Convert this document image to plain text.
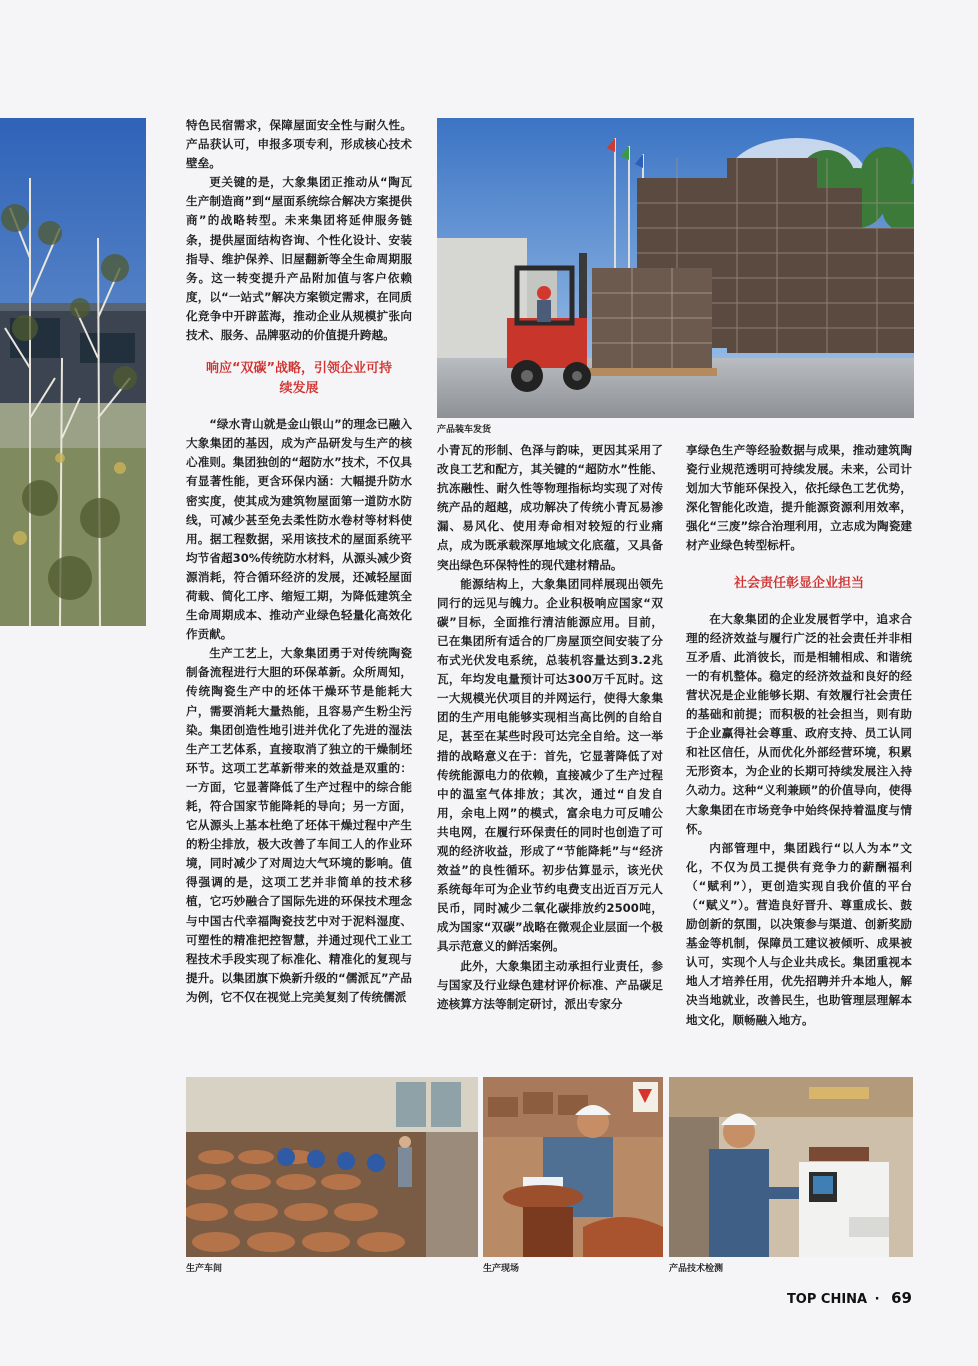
特色民宿需求，保障屋面安全性与耐久性。产品获认可，申报多项专利，形成核心技术壁垒。

更关键的是，大象集团正推动从“陶瓦生产制造商”到“屋面系统综合解决方案提供商”的战略转型。未来集团将延伸服务链条，提供屋面结构咨询、个性化设计、安装指导、维护保养、旧屋翻新等全生命周期服务。这一转变提升产品附加值与客户依赖度，以“一站式”解决方案锁定需求，在同质化竞争中开辟蓝海，推动企业从规模扩张向技术、服务、品牌驱动的价值提升跨越。

响应“双碳”战略，引领企业可持续发展

“绿水青山就是金山银山”的理念已融入大象集团的基因，成为产品研发与生产的核心准则。集团独创的“超防水”技术，不仅具有显著性能，更含环保内涵：大幅提升防水密实度，使其成为建筑物屋面第一道防水防线，可减少甚至免去柔性防水卷材等材料使用。据工程数据，采用该技术的屋面系统平均节省超30%传统防水材料，从源头减少资源消耗，符合循环经济的发展，还减轻屋面荷载、简化工序、缩短工期，为降低建筑全生命周期成本、推动产业绿色轻量化高效化作贡献。

生产工艺上，大象集团勇于对传统陶瓷制备流程进行大胆的环保革新。众所周知，传统陶瓷生产中的坯体干燥环节是能耗大户，需要消耗大量热能，且容易产生粉尘污染。集团创造性地引进并优化了先进的湿法生产工艺体系，直接取消了独立的干燥制坯环节。这项工艺革新带来的效益是双重的：一方面，它显著降低了生产过程中的综合能耗，符合国家节能降耗的导向；另一方面，它从源头上基本杜绝了坯体干燥过程中产生的粉尘排放，极大改善了车间工人的作业环境，同时减少了对周边大气环境的影响。值得强调的是，这项工艺并非简单的技术移植，它巧妙融合了国际先进的环保技术理念与中国古代幸福陶瓷技艺中对于泥料湿度、可塑性的精准把控智慧，并通过现代工业工程技术手段实现了标准化、精准化的复现与提升。以集团旗下焕新升级的“儒派瓦”产品为例，它不仅在视觉上完美复刻了传统儒派

产品装车发货

小青瓦的形制、色泽与韵味，更因其采用了改良工艺和配方，其关键的“超防水”性能、抗冻融性、耐久性等物理指标均实现了对传统产品的超越，成功解决了传统小青瓦易渗漏、易风化、使用寿命相对较短的行业痛点，成为既承载深厚地域文化底蕴，又具备突出绿色环保特性的现代建材精品。

能源结构上，大象集团同样展现出领先同行的远见与魄力。企业积极响应国家“双碳”目标，全面推行清洁能源应用。目前，已在集团所有适合的厂房屋顶空间安装了分布式光伏发电系统，总装机容量达到3.2兆瓦，年均发电量预计可达300万千瓦时。这一大规模光伏项目的并网运行，使得大象集团的生产用电能够实现相当高比例的自给自足，甚至在某些时段可达完全自给。这一举措的战略意义在于：首先，它显著降低了对传统能源电力的依赖，直接减少了生产过程中的温室气体排放；其次，通过“自发自用，余电上网”的模式，富余电力可反哺公共电网，在履行环保责任的同时也创造了可观的经济收益，形成了“节能降耗”与“经济效益”的良性循环。初步估算显示，该光伏系统每年可为企业节约电费支出近百万元人民币，同时减少二氧化碳排放约2500吨，成为国家“双碳”战略在微观企业层面一个极具示范意义的鲜活案例。

此外，大象集团主动承担行业责任，参与国家及行业绿色建材评价标准、产品碳足迹核算方法等制定研讨，派出专家分

享绿色生产等经验数据与成果，推动建筑陶瓷行业规范透明可持续发展。未来，公司计划加大节能环保投入，依托绿色工艺优势，深化智能化改造，提升能源资源利用效率，强化“三废”综合治理利用，立志成为陶瓷建材产业绿色转型标杆。

社会责任彰显企业担当

在大象集团的企业发展哲学中，追求合理的经济效益与履行广泛的社会责任并非相互矛盾、此消彼长，而是相辅相成、和谐统一的有机整体。稳定的经济效益和良好的经营状况是企业能够长期、有效履行社会责任的基础和前提；而积极的社会担当，则有助于企业赢得社会尊重、政府支持、员工认同和社区信任，从而优化外部经营环境，积累无形资本，为企业的长期可持续发展注入持久动力。这种“义利兼顾”的价值导向，使得大象集团在市场竞争中始终保持着温度与情怀。

内部管理中，集团践行“以人为本”文化，不仅为员工提供有竞争力的薪酬福利（“赋利”），更创造实现自我价值的平台（“赋义”）。营造良好晋升、尊重成长、鼓励创新的氛围，以决策参与渠道、创新奖励基金等机制，保障员工建议被倾听、成果被认可，实现个人与企业共成长。集团重视本地人才培养任用，优先招聘并升本地人，解决当地就业，改善民生，也助管理层理解本地文化，顺畅融入地方。

生产车间	生产现场	产品技术检测
TOP CHINA · 69
